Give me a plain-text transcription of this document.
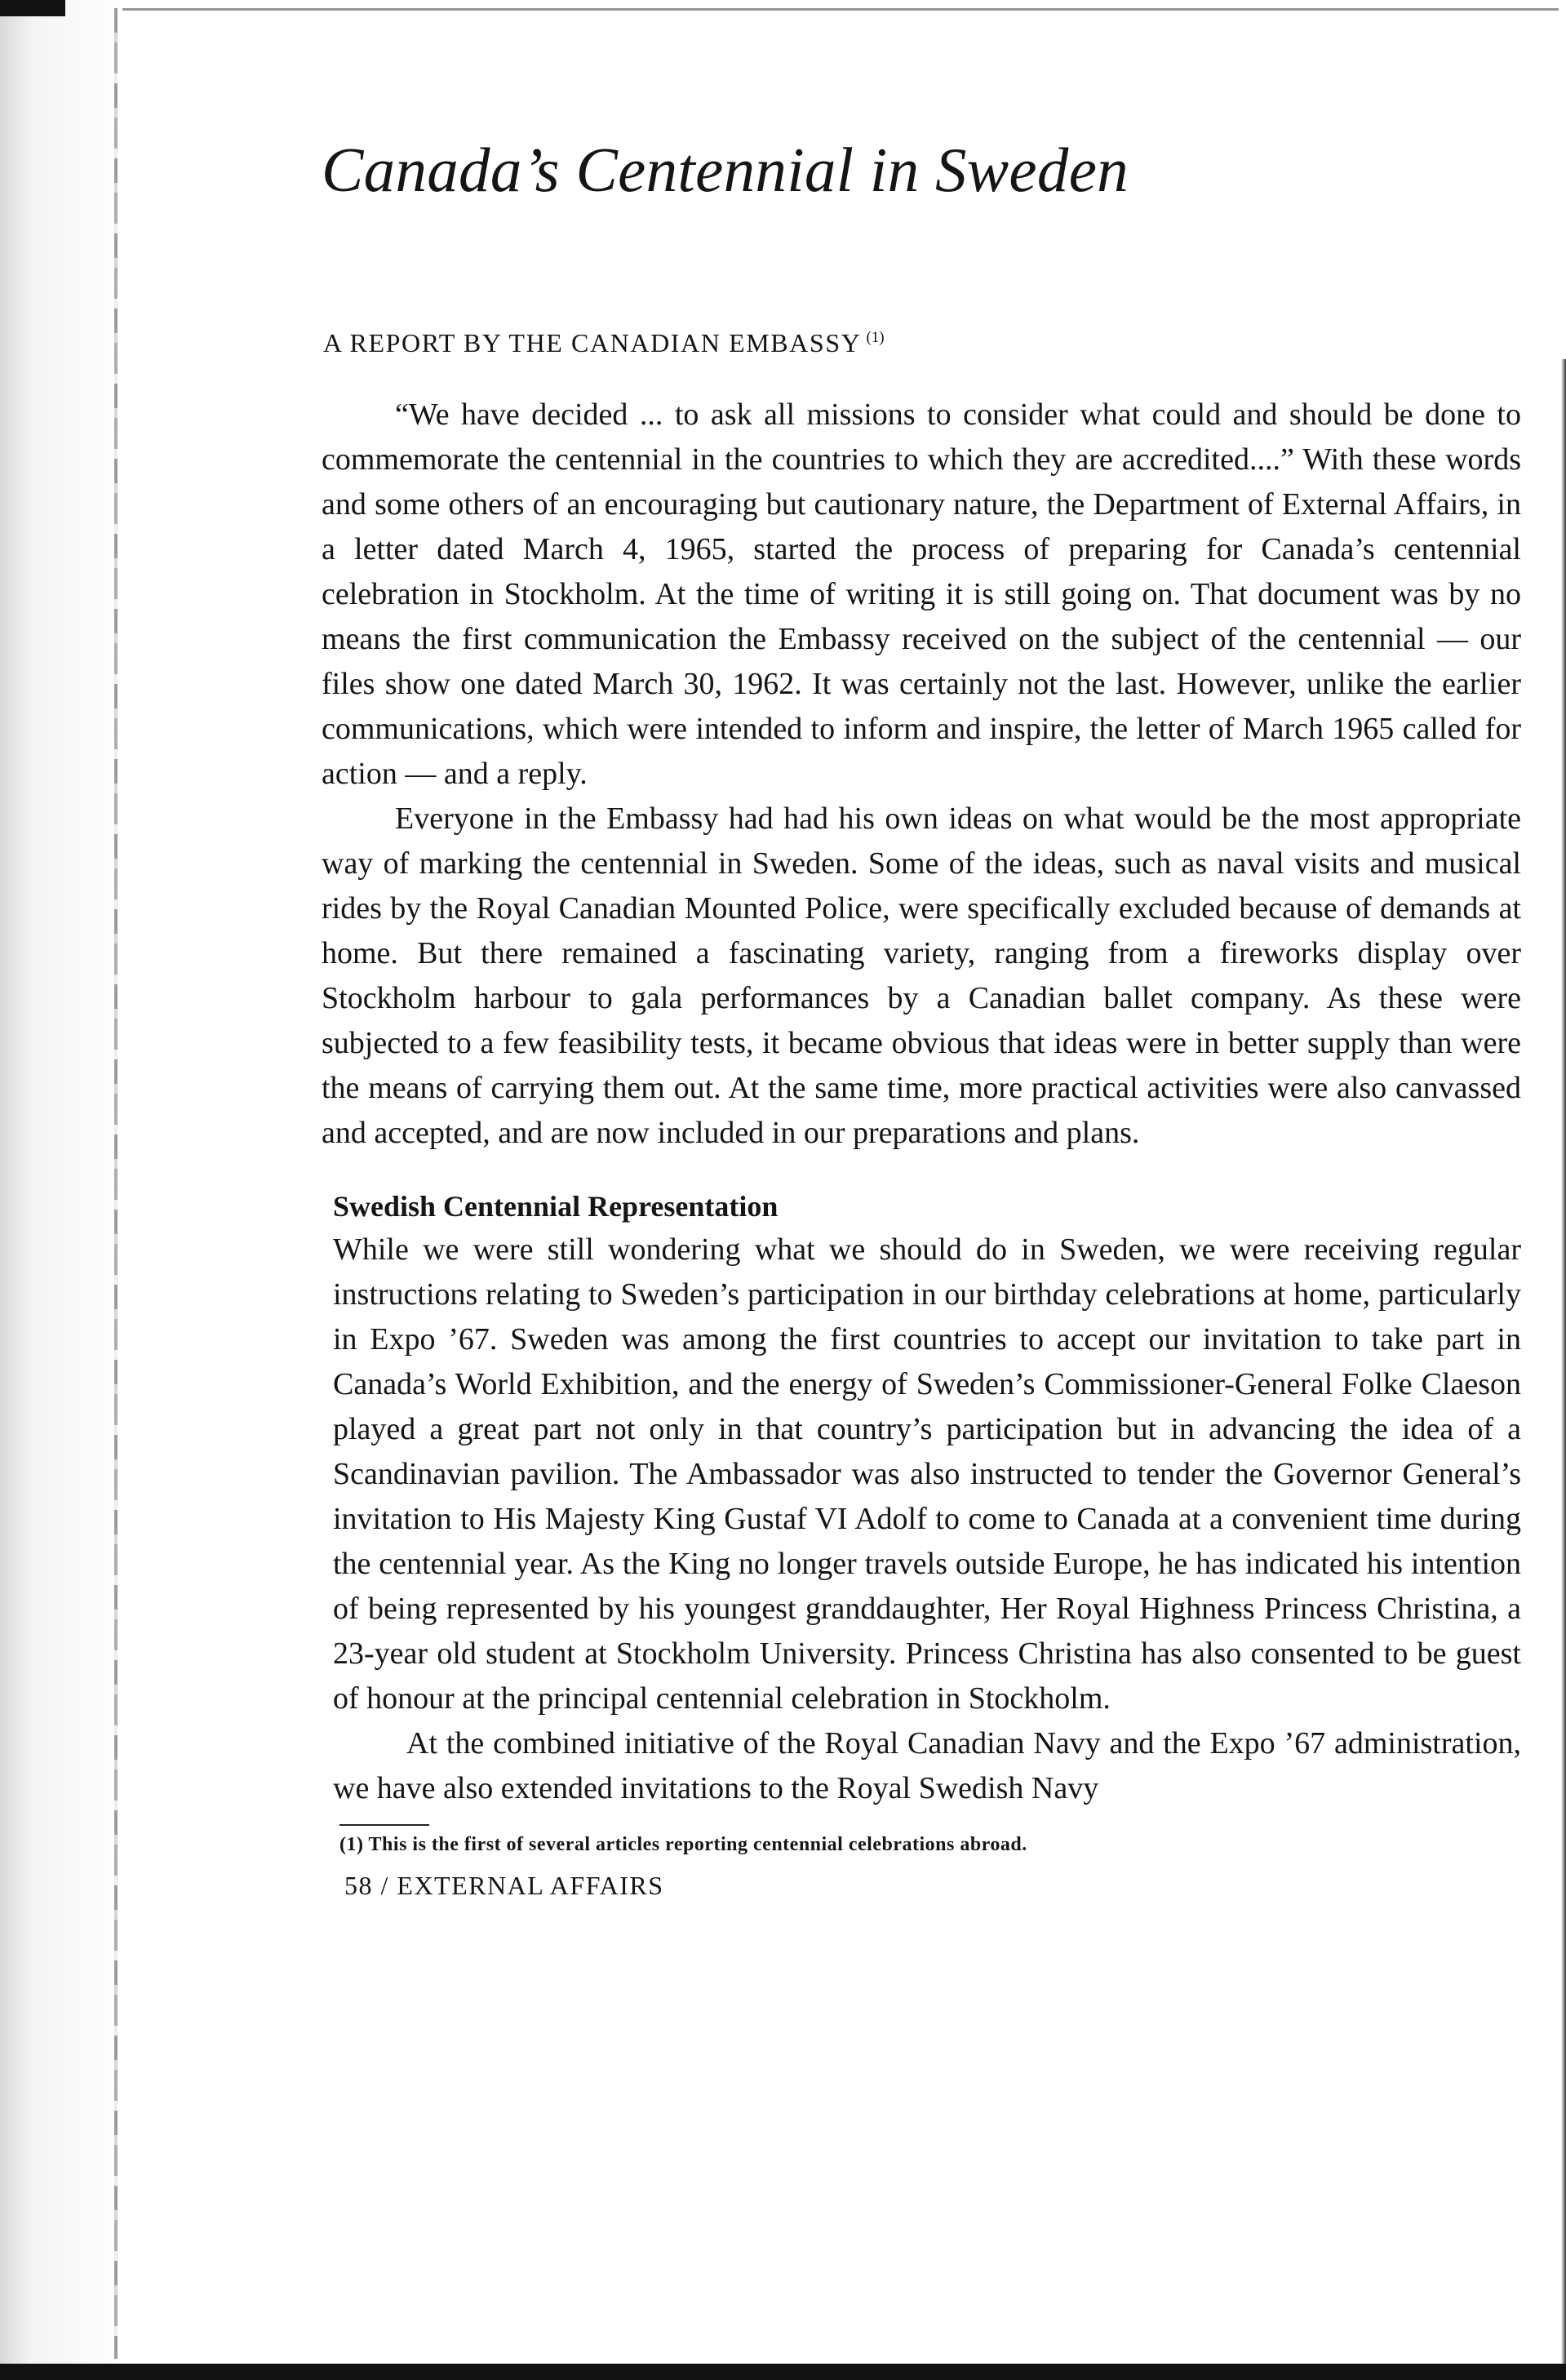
Canada’s Centennial in Sweden
A REPORT BY THE CANADIAN EMBASSY $^{(1)}$

“We have decided ... to ask all missions to consider what could and should be done to commemorate the centennial in the countries to which they are accredited....” With these words and some others of an encouraging but cautionary nature, the Department of External Affairs, in a letter dated March 4, 1965, started the process of preparing for Canada’s centennial celebration in Stockholm. At the time of writing it is still going on. That document was by no means the first communication the Embassy received on the subject of the centennial — our files show one dated March 30, 1962. It was certainly not the last. However, unlike the earlier communications, which were intended to inform and inspire, the letter of March 1965 called for action — and a reply.

Everyone in the Embassy had had his own ideas on what would be the most appropriate way of marking the centennial in Sweden. Some of the ideas, such as naval visits and musical rides by the Royal Canadian Mounted Police, were specifically excluded because of demands at home. But there remained a fascinating variety, ranging from a fireworks display over Stockholm harbour to gala performances by a Canadian ballet company. As these were subjected to a few feasibility tests, it became obvious that ideas were in better supply than were the means of carrying them out. At the same time, more practical activities were also canvassed and accepted, and are now included in our preparations and plans.

Swedish Centennial Representation

While we were still wondering what we should do in Sweden, we were receiving regular instructions relating to Sweden’s participation in our birthday celebrations at home, particularly in Expo ’67. Sweden was among the first countries to accept our invitation to take part in Canada’s World Exhibition, and the energy of Sweden’s Commissioner-General Folke Claeson played a great part not only in that country’s participation but in advancing the idea of a Scandinavian pavilion. The Ambassador was also instructed to tender the Governor General’s invitation to His Majesty King Gustaf VI Adolf to come to Canada at a convenient time during the centennial year. As the King no longer travels outside Europe, he has indicated his intention of being represented by his youngest granddaughter, Her Royal Highness Princess Christina, a 23-year old student at Stockholm University. Princess Christina has also consented to be guest of honour at the principal centennial celebration in Stockholm.

At the combined initiative of the Royal Canadian Navy and the Expo ’67 administration, we have also extended invitations to the Royal Swedish Navy

(1) This is the first of several articles reporting centennial celebrations abroad.
58 / EXTERNAL AFFAIRS
